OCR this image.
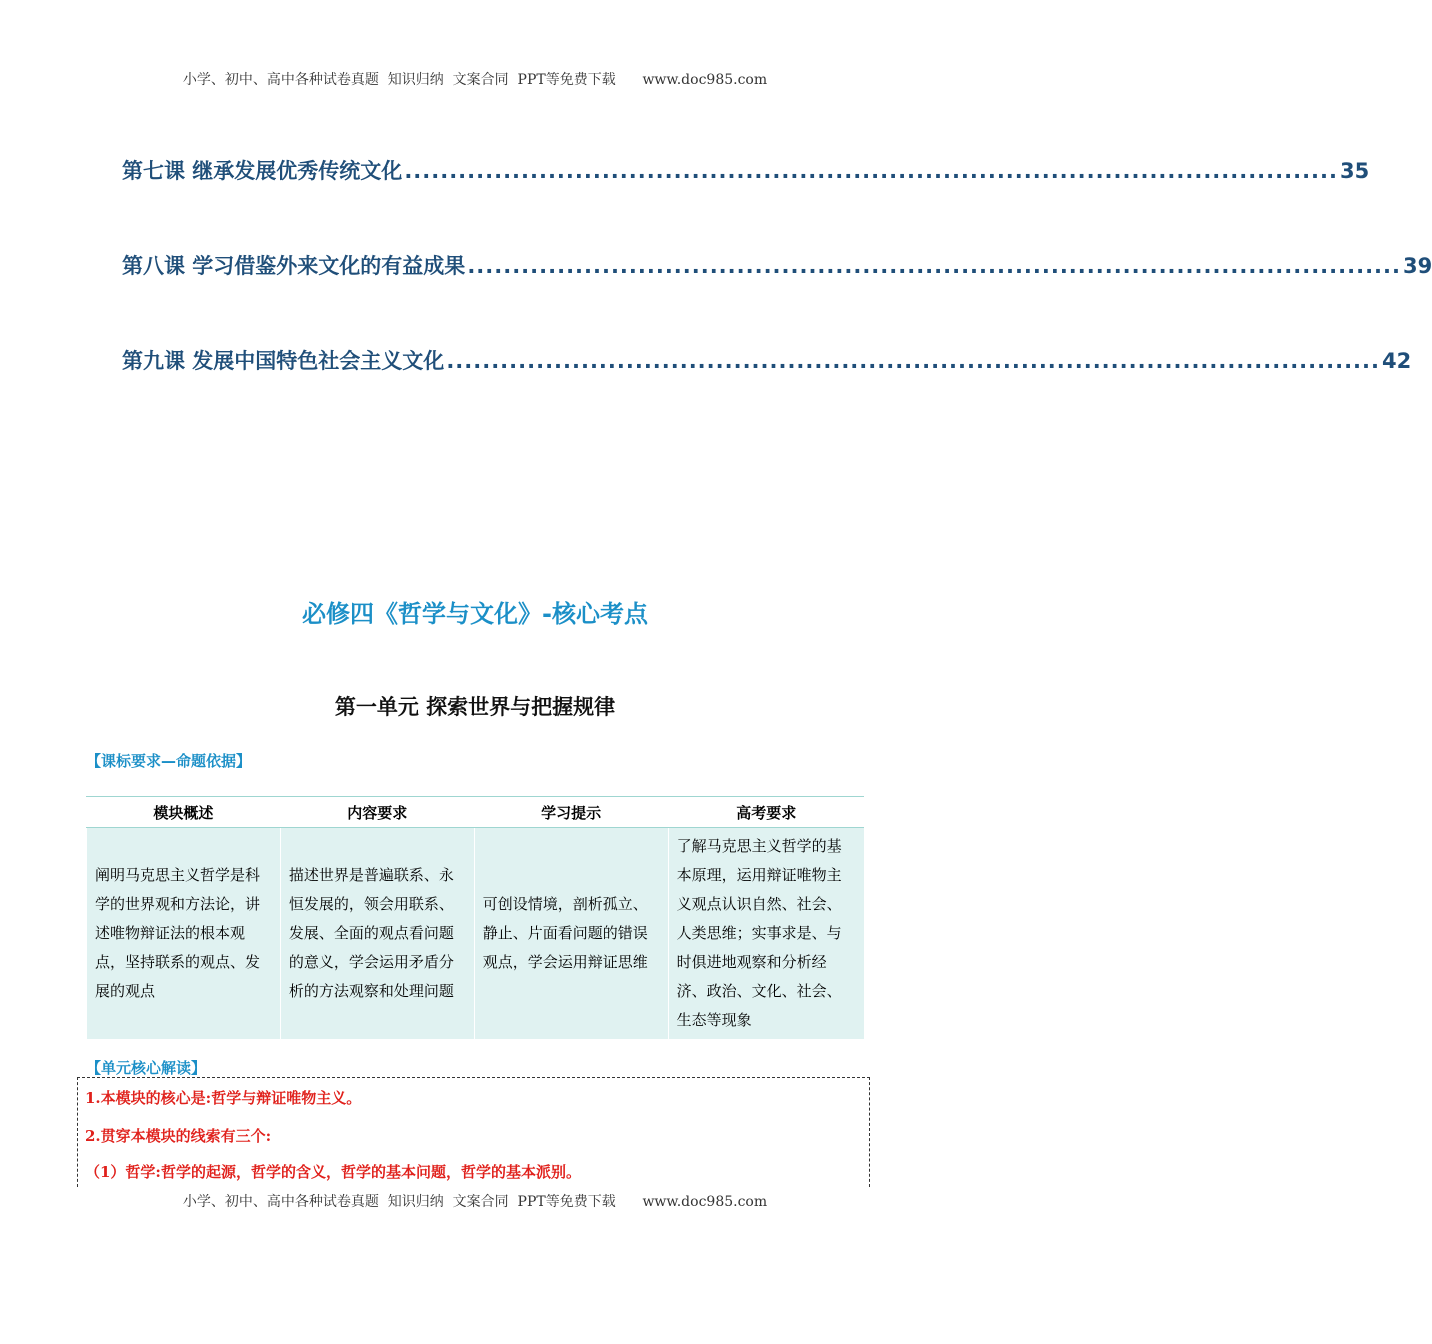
小学、初中、高中各种试卷真题  知识归纳  文案合同  PPT等免费下载      www.doc985.com
第七课 继承发展优秀传统文化 ........................................................................................................ 35
第八课 学习借鉴外来文化的有益成果 ........................................................................................................ 39
第九课 发展中国特色社会主义文化 ........................................................................................................ 42
必修四《哲学与文化》-核心考点
第一单元 探索世界与把握规律
【课标要求—命题依据】
模块概述	内容要求	学习提示	高考要求
阐明马克思主义哲学是科学的世界观和方法论，讲述唯物辩证法的根本观点，坚持联系的观点、发展的观点	描述世界是普遍联系、永恒发展的，领会用联系、发展、全面的观点看问题的意义，学会运用矛盾分析的方法观察和处理问题	可创设情境，剖析孤立、静止、片面看问题的错误观点，学会运用辩证思维	了解马克思主义哲学的基本原理，运用辩证唯物主义观点认识自然、社会、人类思维；实事求是、与时俱进地观察和分析经济、政治、文化、社会、生态等现象
【单元核心解读】
1.本模块的核心是:哲学与辩证唯物主义。
2.贯穿本模块的线索有三个:
（1）哲学:哲学的起源，哲学的含义，哲学的基本问题，哲学的基本派别。
小学、初中、高中各种试卷真题  知识归纳  文案合同  PPT等免费下载      www.doc985.com
